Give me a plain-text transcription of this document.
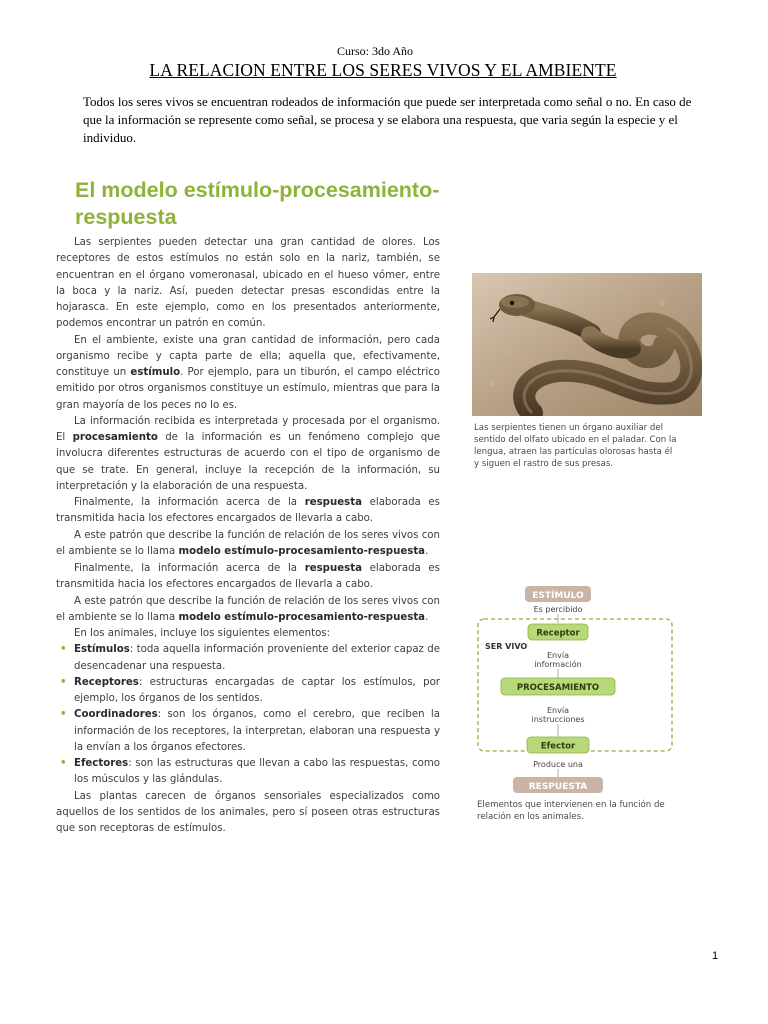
Curso: 3do Año
LA RELACION ENTRE LOS SERES VIVOS Y EL AMBIENTE

Todos los seres vivos se encuentran rodeados de información que puede ser interpretada como señal o no. En caso de que la información se represente como señal, se procesa y se elabora una respuesta, que varia según la especie y el individuo.

El modelo estímulo-procesamiento-respuesta

Las serpientes pueden detectar una gran cantidad de olores. Los receptores de estos estímulos no están solo en la nariz, también, se encuentran en el órgano vomeronasal, ubicado en el hueso vómer, entre la boca y la nariz. Así, pueden detectar presas escondidas entre la hojarasca. En este ejemplo, como en los presentados anteriormente, podemos encontrar un patrón en común.

En el ambiente, existe una gran cantidad de información, pero cada organismo recibe y capta parte de ella; aquella que, efectivamente, constituye un estímulo. Por ejemplo, para un tiburón, el campo eléctrico emitido por otros organismos constituye un estímulo, mientras que para la gran mayoría de los peces no lo es.

La información recibida es interpretada y procesada por el organismo. El procesamiento de la información es un fenómeno complejo que involucra diferentes estructuras de acuerdo con el tipo de organismo de que se trate. En general, incluye la recepción de la información, su interpretación y la elaboración de una respuesta.

Finalmente, la información acerca de la respuesta elaborada es transmitida hacia los efectores encargados de llevarla a cabo.

A este patrón que describe la función de relación de los seres vivos con el ambiente se lo llama modelo estímulo-procesamiento-respuesta.

Finalmente, la información acerca de la respuesta elaborada es transmitida hacia los efectores encargados de llevarla a cabo.

A este patrón que describe la función de relación de los seres vivos con el ambiente se lo llama modelo estímulo-procesamiento-respuesta.

En los animales, incluye los siguientes elementos:

• Estímulos: toda aquella información proveniente del exterior capaz de desencadenar una respuesta.
• Receptores: estructuras encargadas de captar los estímulos, por ejemplo, los órganos de los sentidos.
• Coordinadores: son los órganos, como el cerebro, que reciben la información de los receptores, la interpretan, elaboran una respuesta y la envían a los órganos efectores.
• Efectores: son las estructuras que llevan a cabo las respuestas, como los músculos y las glándulas.

Las plantas carecen de órganos sensoriales especializados como aquellos de los sentidos de los animales, pero sí poseen otras estructuras que son receptoras de estímulos.

Las serpientes tienen un órgano auxiliar del sentido del olfato ubicado en el paladar. Con la lengua, atraen las partículas olorosas hasta él y siguen el rastro de sus presas.

ESTÍMULO
Es percibido
SER VIVO
Receptor
Envía
información
PROCESAMIENTO
Envía
instrucciones
Efector
Produce una
RESPUESTA

Elementos que intervienen en la función de relación en los animales.

1
